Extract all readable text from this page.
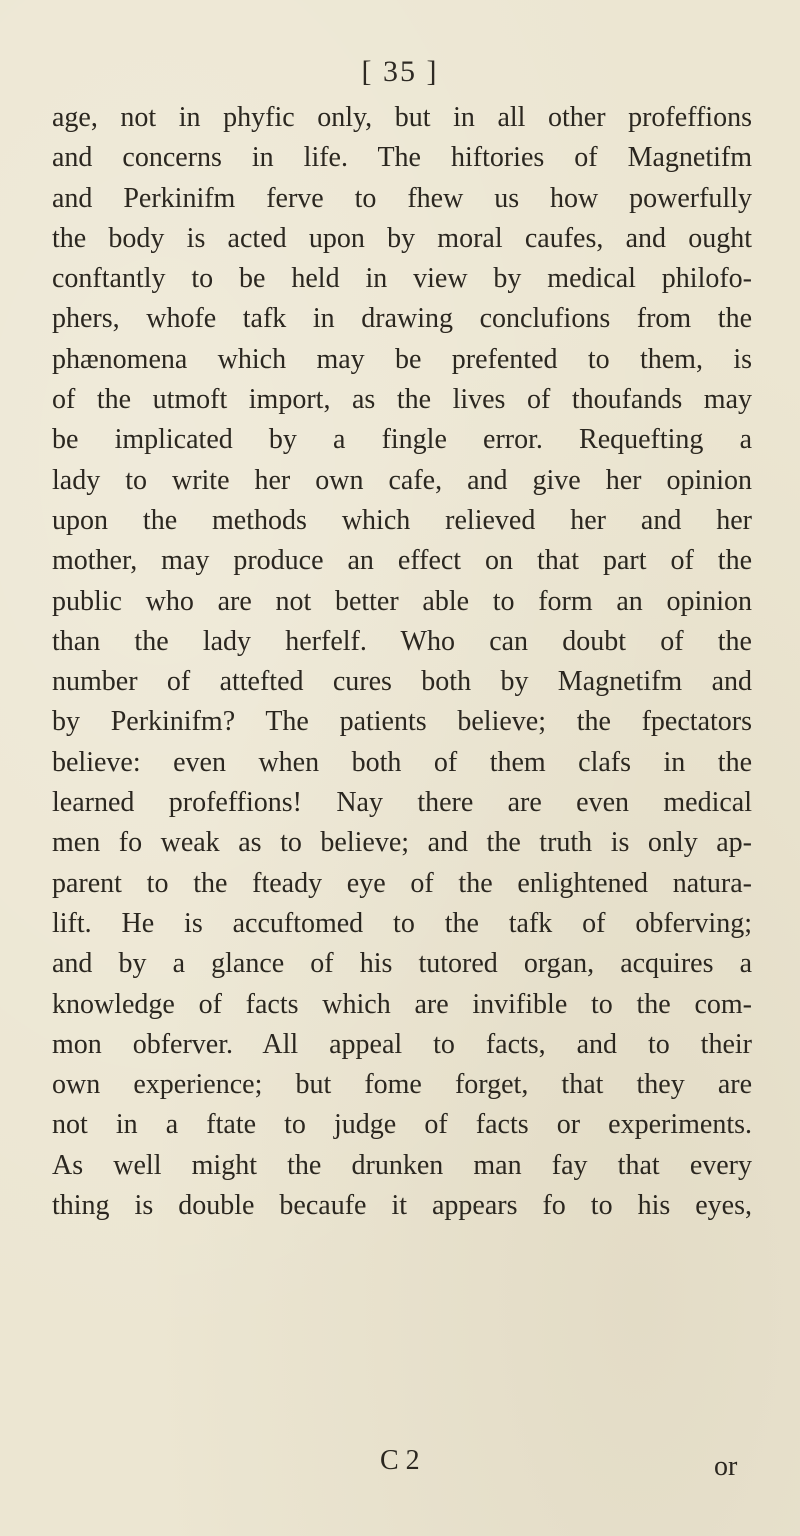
[ 35 ]
age, not in phyfic only, but in all other profeffions
and concerns in life. The hiftories of Magnetifm
and Perkinifm ferve to fhew us how powerfully
the body is acted upon by moral caufes, and ought
conftantly to be held in view by medical philofo-
phers, whofe tafk in drawing conclufions from the
phænomena which may be prefented to them, is
of the utmoft import, as the lives of thoufands may
be implicated by a fingle error. Requefting a
lady to write her own cafe, and give her opinion
upon the methods which relieved her and her
mother, may produce an effect on that part of the
public who are not better able to form an opinion
than the lady herfelf. Who can doubt of the
number of attefted cures both by Magnetifm and
by Perkinifm? The patients believe; the fpectators
believe: even when both of them clafs in the
learned profeffions! Nay there are even medical
men fo weak as to believe; and the truth is only ap-
parent to the fteady eye of the enlightened natura-
lift. He is accuftomed to the tafk of obferving;
and by a glance of his tutored organ, acquires a
knowledge of facts which are invifible to the com-
mon obferver. All appeal to facts, and to their
own experience; but fome forget, that they are
not in a ftate to judge of facts or experiments.
As well might the drunken man fay that every
thing is double becaufe it appears fo to his eyes,
C 2	or
